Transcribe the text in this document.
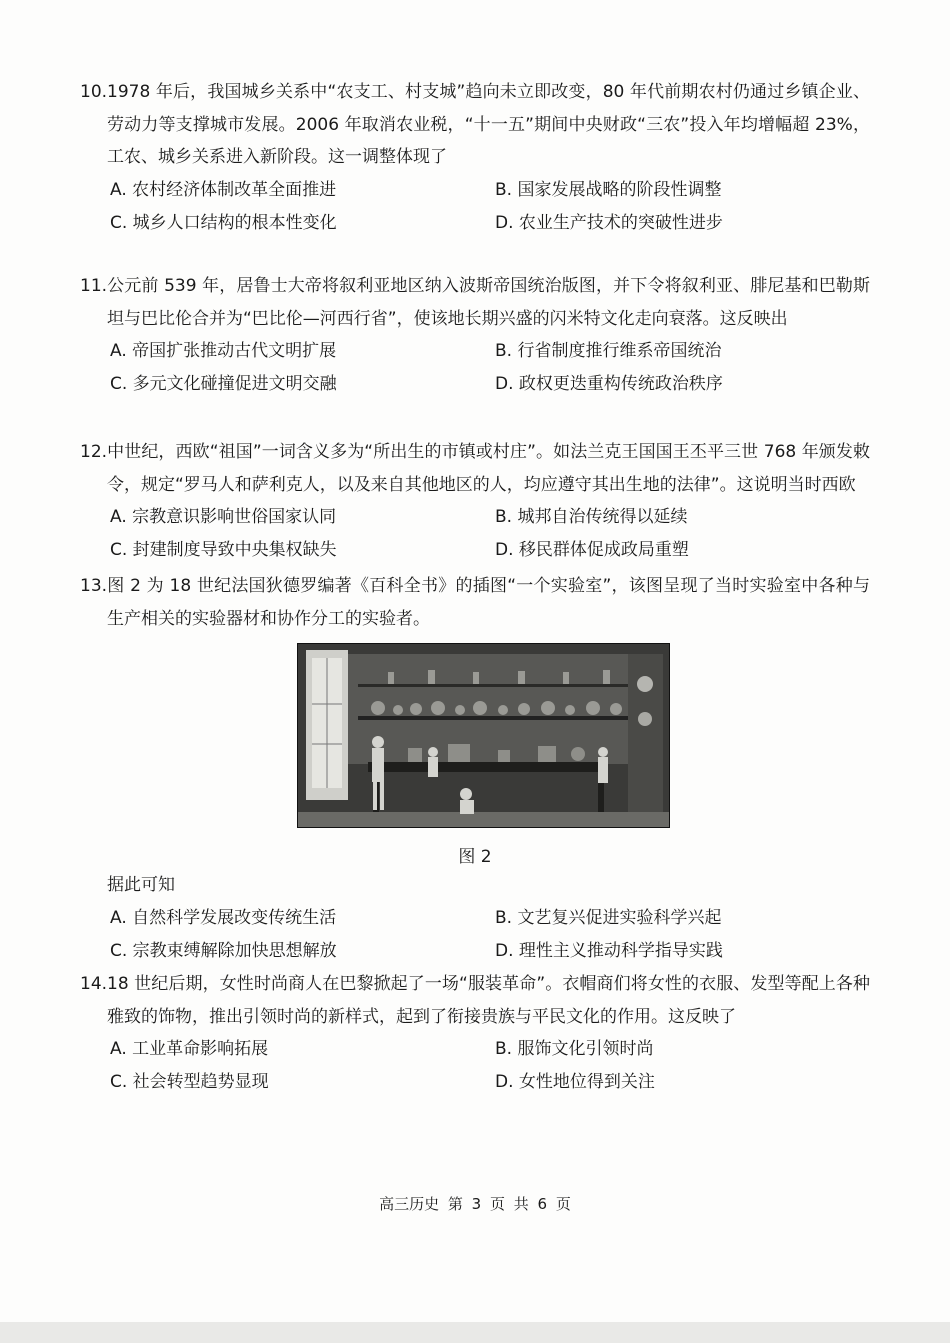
10.1978 年后，我国城乡关系中“农支工、村支城”趋向未立即改变，80 年代前期农村仍通过乡镇企业、劳动力等支撑城市发展。2006 年取消农业税，“十一五”期间中央财政“三农”投入年均增幅超 23%，工农、城乡关系进入新阶段。这一调整体现了

A. 农村经济体制改革全面推进	B. 国家发展战略的阶段性调整
C. 城乡人口结构的根本性变化	D. 农业生产技术的突破性进步

11.公元前 539 年，居鲁士大帝将叙利亚地区纳入波斯帝国统治版图，并下令将叙利亚、腓尼基和巴勒斯坦与巴比伦合并为“巴比伦—河西行省”，使该地长期兴盛的闪米特文化走向衰落。这反映出

A. 帝国扩张推动古代文明扩展	B. 行省制度推行维系帝国统治
C. 多元文化碰撞促进文明交融	D. 政权更迭重构传统政治秩序

12.中世纪，西欧“祖国”一词含义多为“所出生的市镇或村庄”。如法兰克王国国王丕平三世 768 年颁发敕令，规定“罗马人和萨利克人，以及来自其他地区的人，均应遵守其出生地的法律”。这说明当时西欧

A. 宗教意识影响世俗国家认同	B. 城邦自治传统得以延续
C. 封建制度导致中央集权缺失	D. 移民群体促成政局重塑

13.图 2 为 18 世纪法国狄德罗编著《百科全书》的插图“一个实验室”，该图呈现了当时实验室中各种与生产相关的实验器材和协作分工的实验者。

图 2
据此可知
A. 自然科学发展改变传统生活	B. 文艺复兴促进实验科学兴起
C. 宗教束缚解除加快思想解放	D. 理性主义推动科学指导实践

14.18 世纪后期，女性时尚商人在巴黎掀起了一场“服装革命”。衣帽商们将女性的衣服、发型等配上各种雅致的饰物，推出引领时尚的新样式，起到了衔接贵族与平民文化的作用。这反映了

A. 工业革命影响拓展	B. 服饰文化引领时尚
C. 社会转型趋势显现	D. 女性地位得到关注
高三历史 第 3 页 共 6 页
